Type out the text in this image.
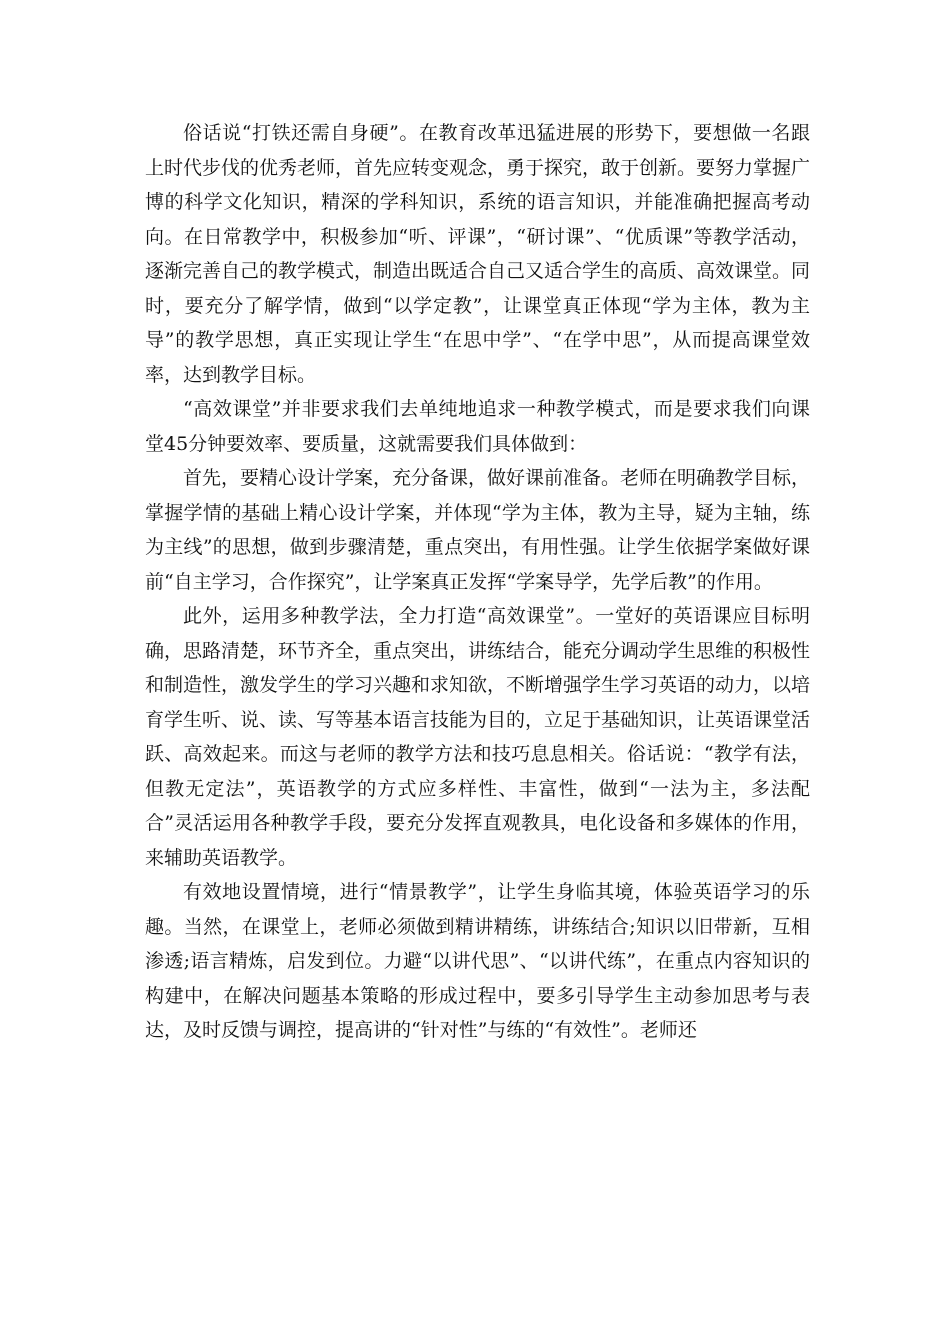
俗话说“打铁还需自身硬”。在教育改革迅猛进展的形势下，要想做一名跟上时代步伐的优秀老师，首先应转变观念，勇于探究，敢于创新。要努力掌握广博的科学文化知识，精深的学科知识，系统的语言知识，并能准确把握高考动向。在日常教学中，积极参加“听、评课”，“研讨课”、“优质课”等教学活动，逐渐完善自己的教学模式，制造出既适合自己又适合学生的高质、高效课堂。同时，要充分了解学情，做到“以学定教”，让课堂真正体现“学为主体，教为主导”的教学思想，真正实现让学生“在思中学”、“在学中思”，从而提高课堂效率，达到教学目标。

“高效课堂”并非要求我们去单纯地追求一种教学模式，而是要求我们向课堂45分钟要效率、要质量，这就需要我们具体做到：

首先，要精心设计学案，充分备课，做好课前准备。老师在明确教学目标，掌握学情的基础上精心设计学案，并体现“学为主体，教为主导，疑为主轴，练为主线”的思想，做到步骤清楚，重点突出，有用性强。让学生依据学案做好课前“自主学习，合作探究”，让学案真正发挥“学案导学，先学后教”的作用。

此外，运用多种教学法，全力打造“高效课堂”。一堂好的英语课应目标明确，思路清楚，环节齐全，重点突出，讲练结合，能充分调动学生思维的积极性和制造性，激发学生的学习兴趣和求知欲，不断增强学生学习英语的动力，以培育学生听、说、读、写等基本语言技能为目的，立足于基础知识，让英语课堂活跃、高效起来。而这与老师的教学方法和技巧息息相关。俗话说：“教学有法，但教无定法”，英语教学的方式应多样性、丰富性，做到“一法为主，多法配合”灵活运用各种教学手段，要充分发挥直观教具，电化设备和多媒体的作用，来辅助英语教学。

有效地设置情境，进行“情景教学”，让学生身临其境，体验英语学习的乐趣。当然，在课堂上，老师必须做到精讲精练，讲练结合;知识以旧带新，互相渗透;语言精炼，启发到位。力避“以讲代思”、“以讲代练”，在重点内容知识的构建中，在解决问题基本策略的形成过程中，要多引导学生主动参加思考与表达，及时反馈与调控，提高讲的“针对性”与练的“有效性”。老师还
